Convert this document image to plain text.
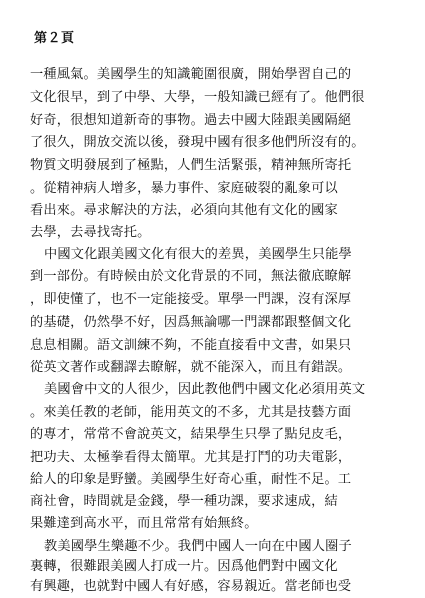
第２頁
一種風氣。美國學生的知識範圍很廣，開始學習自己的
文化很早，到了中學、大學，一般知識已經有了。他們很
好奇，很想知道新奇的事物。過去中國大陸跟美國隔絕
了很久，開放交流以後，發現中國有很多他們所沒有的。
物質文明發展到了極點，人們生活緊張，精神無所寄托
。從精神病人增多，暴力事件、家庭破裂的亂象可以
看出來。尋求解決的方法，必須向其他有文化的國家
去學，去尋找寄托。
中國文化跟美國文化有很大的差異，美國學生只能學
到一部份。有時候由於文化背景的不同，無法徹底瞭解
，即使懂了，也不一定能接受。單學一門課，沒有深厚
的基礎，仍然學不好，因爲無論哪一門課都跟整個文化
息息相關。語文訓練不夠，不能直接看中文書，如果只
從英文著作或翻譯去瞭解，就不能深入，而且有錯誤。
美國會中文的人很少，因此教他們中國文化必須用英文
。來美任教的老師，能用英文的不多，尤其是技藝方面
的專才，常常不會說英文，結果學生只學了點兒皮毛，
把功夫、太極拳看得太簡單。尤其是打鬥的功夫電影，
給人的印象是野蠻。美國學生好奇心重，耐性不足。工
商社會，時間就是金錢，學一種功課，要求速成，結
果難達到高水平，而且常常有始無終。
教美國學生樂趣不少。我們中國人一向在中國人圈子
裏轉，很難跟美國人打成一片。因爲他們對中國文化
有興趣，也就對中國人有好感，容易親近。當老師也受
